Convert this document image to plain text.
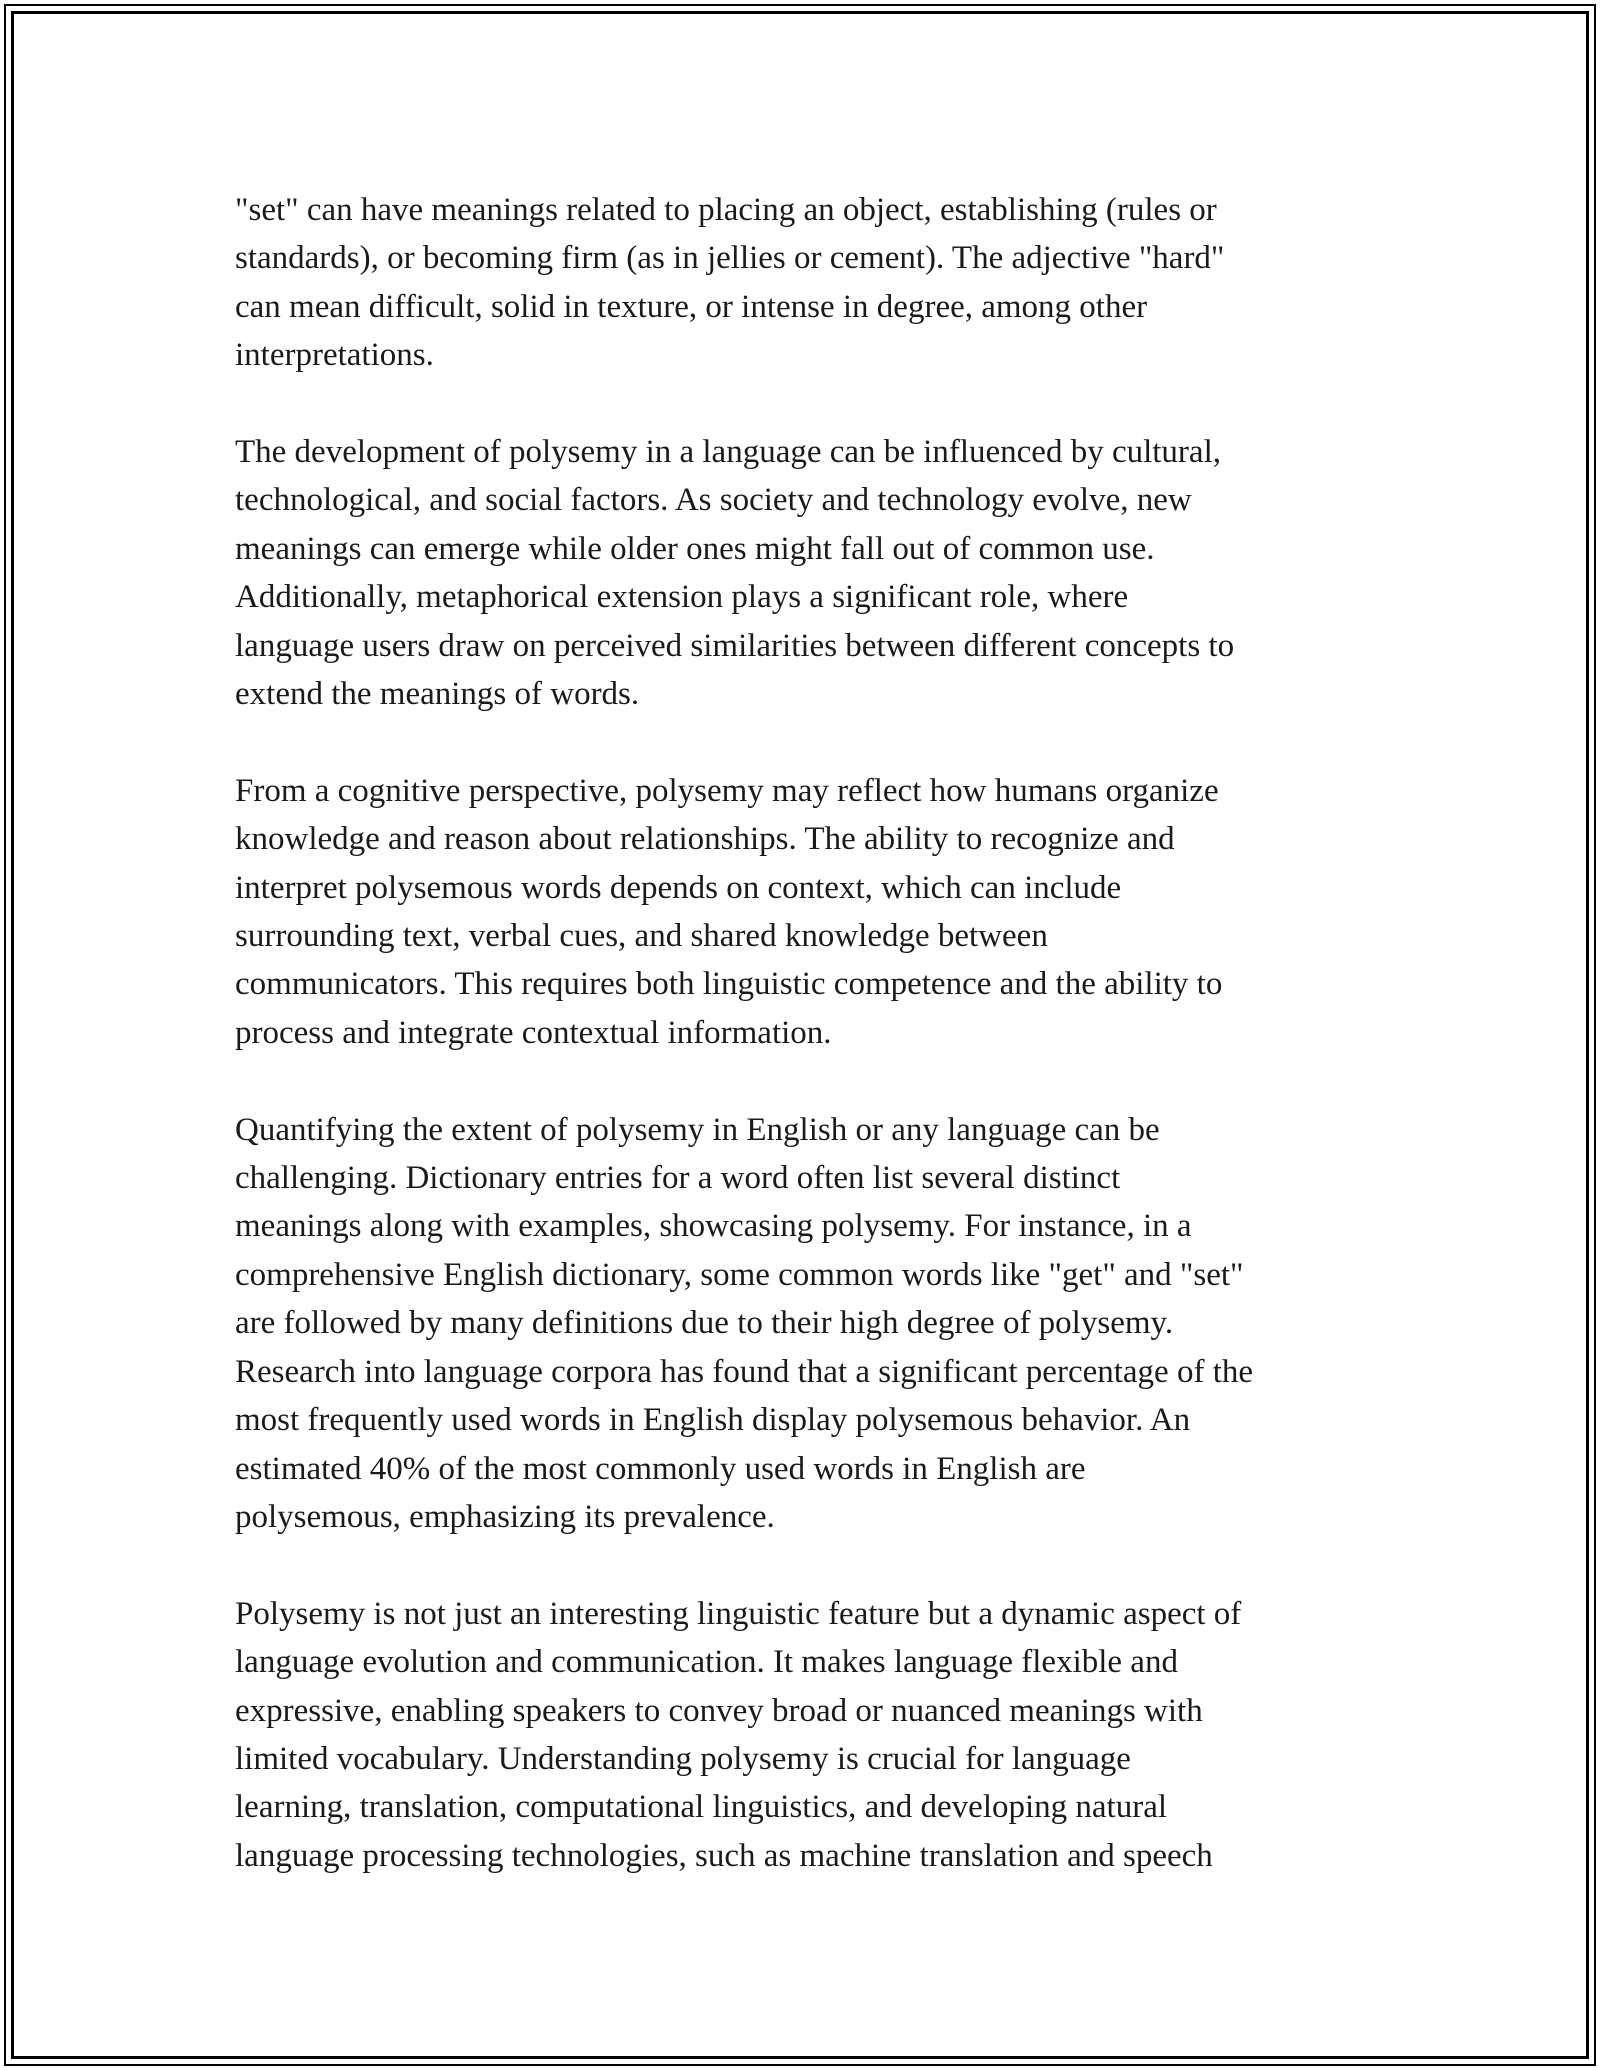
"set" can have meanings related to placing an object, establishing (rules or
standards), or becoming firm (as in jellies or cement). The adjective "hard"
can mean difficult, solid in texture, or intense in degree, among other
interpretations.

The development of polysemy in a language can be influenced by cultural,
technological, and social factors. As society and technology evolve, new
meanings can emerge while older ones might fall out of common use.
Additionally, metaphorical extension plays a significant role, where
language users draw on perceived similarities between different concepts to
extend the meanings of words.

From a cognitive perspective, polysemy may reflect how humans organize
knowledge and reason about relationships. The ability to recognize and
interpret polysemous words depends on context, which can include
surrounding text, verbal cues, and shared knowledge between
communicators. This requires both linguistic competence and the ability to
process and integrate contextual information.

Quantifying the extent of polysemy in English or any language can be
challenging. Dictionary entries for a word often list several distinct
meanings along with examples, showcasing polysemy. For instance, in a
comprehensive English dictionary, some common words like "get" and "set"
are followed by many definitions due to their high degree of polysemy.
Research into language corpora has found that a significant percentage of the
most frequently used words in English display polysemous behavior. An
estimated 40% of the most commonly used words in English are
polysemous, emphasizing its prevalence.

Polysemy is not just an interesting linguistic feature but a dynamic aspect of
language evolution and communication. It makes language flexible and
expressive, enabling speakers to convey broad or nuanced meanings with
limited vocabulary. Understanding polysemy is crucial for language
learning, translation, computational linguistics, and developing natural
language processing technologies, such as machine translation and speech
